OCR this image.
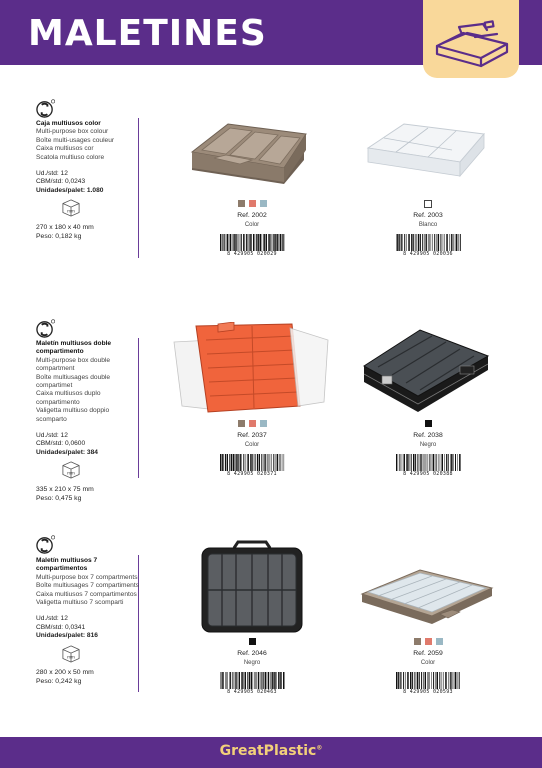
MALETINES
Caja multiusos color
Multi-purpose box colour
Boîte multi-usages couleur
Caixa multiusos cor
Scatola multiuso colore
Ud./std: 12
CBM/std: 0,0243
Unidades/palet: 1.080
mm
270 x 180 x 40 mm
Peso: 0,182 kg

Ref. 2002
Color
8 429905 020029
Ref. 2003
Blanco
8 429905 020036
Maletín multiusos doble compartimento
Multi-purpose box double compartment
Boîte multiusages double compartimet
Caixa multiusos duplo compartimento
Valigetta multiuso doppio scomparto
Ud./std: 12
CBM/std: 0,0600
Unidades/palet: 384
mm
335 x 210 x 75 mm
Peso: 0,475 kg

Ref. 2037
Color
8 429905 020371
Ref. 2038
Negro
8 429905 020388
Maletín multiusos 7 compartimentos
Multi-purpose box 7 compartments
Boîte multiusages 7 compartiments
Caixa multiusos 7 compartimentos
Valigetta multiuso 7 scomparti
Ud./std: 12
CBM/std: 0,0341
Unidades/palet: 816
mm
280 x 200 x 50 mm
Peso: 0,242 kg
Ref. 2046
Negro
8 429905 020463

Ref. 2059
Color
8 429905 020593
GreatPlastic®
